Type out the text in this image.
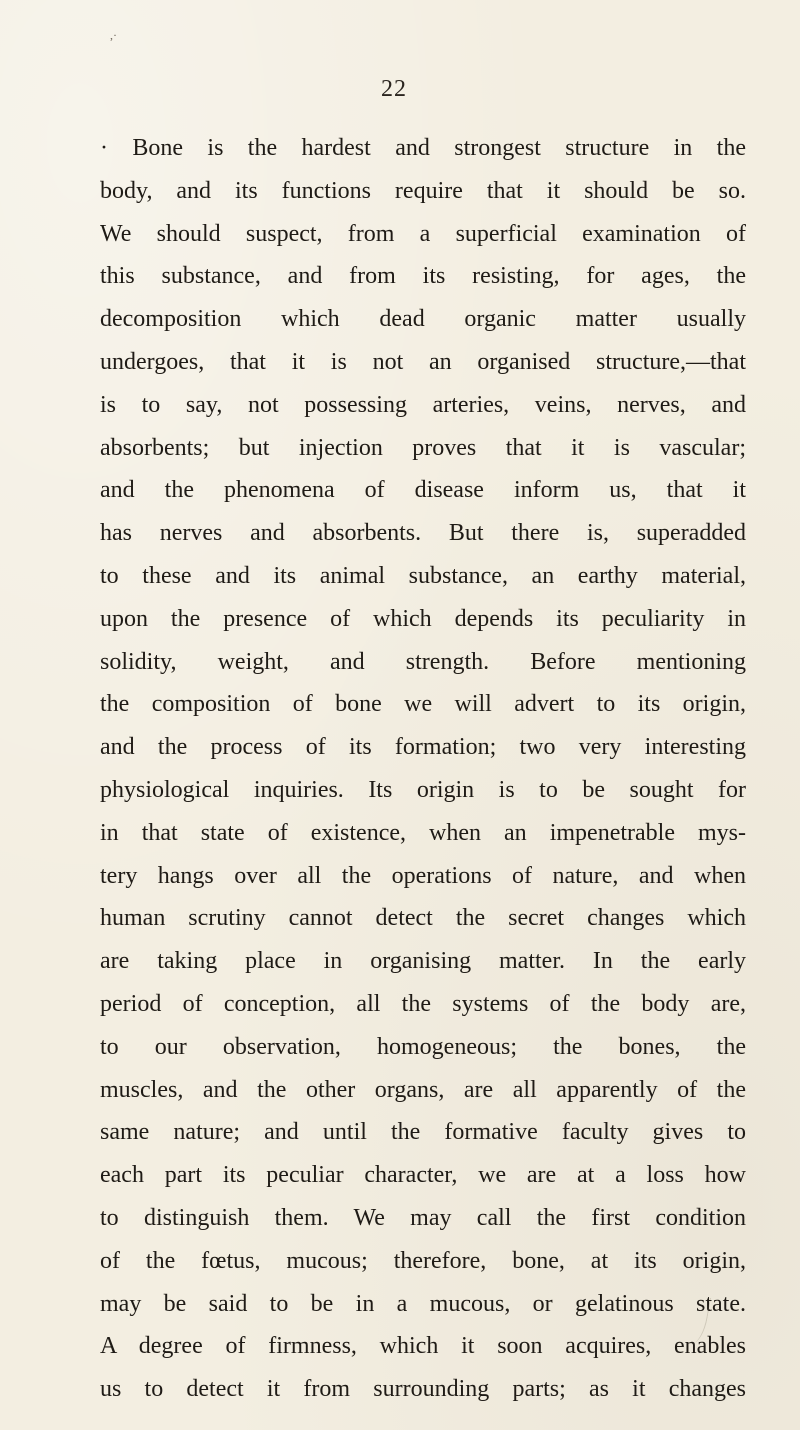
,·
22
· Bone is the hardest and strongest structure in the
body, and its functions require that it should be so.
We should suspect, from a superficial examination of
this substance, and from its resisting, for ages, the
decomposition which dead organic matter usually
undergoes, that it is not an organised structure,—that
is to say, not possessing arteries, veins, nerves, and
absorbents; but injection proves that it is vascular;
and the phenomena of disease inform us, that it
has nerves and absorbents. But there is, superadded
to these and its animal substance, an earthy material,
upon the presence of which depends its peculiarity in
solidity, weight, and strength. Before mentioning
the composition of bone we will advert to its origin,
and the process of its formation; two very interesting
physiological inquiries. Its origin is to be sought for
in that state of existence, when an impenetrable mys-
tery hangs over all the operations of nature, and when
human scrutiny cannot detect the secret changes which
are taking place in organising matter. In the early
period of conception, all the systems of the body are,
to our observation, homogeneous; the bones, the
muscles, and the other organs, are all apparently of the
same nature; and until the formative faculty gives to
each part its peculiar character, we are at a loss how
to distinguish them. We may call the first condition
of the fœtus, mucous; therefore, bone, at its origin,
may be said to be in a mucous, or gelatinous state.
A degree of firmness, which it soon acquires, enables
us to detect it from surrounding parts; as it changes
